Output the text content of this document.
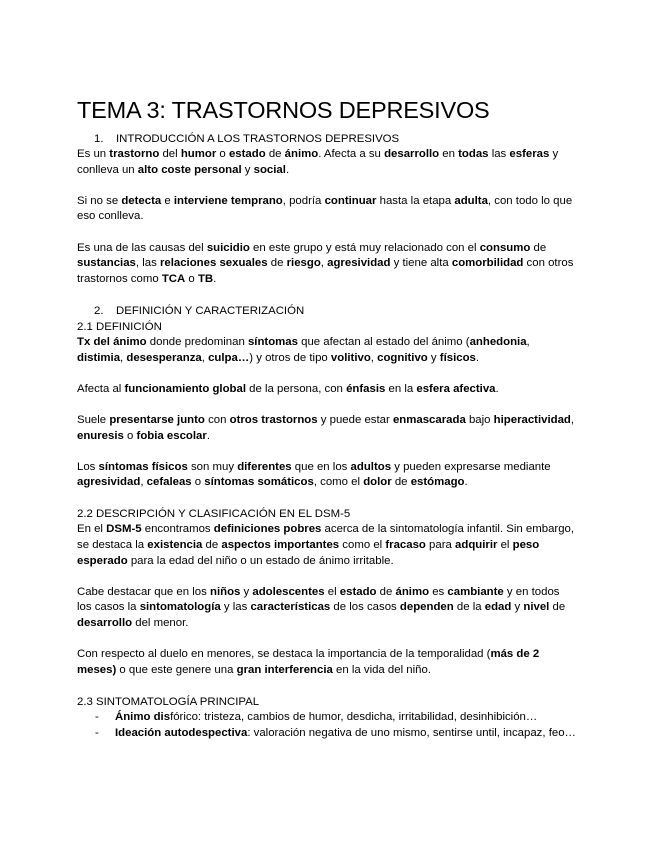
TEMA 3: TRASTORNOS DEPRESIVOS
1. INTRODUCCIÓN A LOS TRASTORNOS DEPRESIVOS

Es un trastorno del humor o estado de ánimo. Afecta a su desarrollo en todas las esferas y conlleva un alto coste personal y social.

Si no se detecta e interviene temprano, podría continuar hasta la etapa adulta, con todo lo que eso conlleva.

Es una de las causas del suicidio en este grupo y está muy relacionado con el consumo de sustancias, las relaciones sexuales de riesgo, agresividad y tiene alta comorbilidad con otros trastornos como TCA o TB.

2. DEFINICIÓN Y CARACTERIZACIÓN
2.1 DEFINICIÓN

Tx del ánimo donde predominan síntomas que afectan al estado del ánimo (anhedonia, distimia, desesperanza, culpa…) y otros de tipo volitivo, cognitivo y físicos.

Afecta al funcionamiento global de la persona, con énfasis en la esfera afectiva.

Suele presentarse junto con otros trastornos y puede estar enmascarada bajo hiperactividad, enuresis o fobia escolar.

Los síntomas físicos son muy diferentes que en los adultos y pueden expresarse mediante agresividad, cefaleas o síntomas somáticos, como el dolor de estómago.

2.2 DESCRIPCIÓN Y CLASIFICACIÓN EN EL DSM-5

En el DSM-5 encontramos definiciones pobres acerca de la sintomatología infantil. Sin embargo, se destaca la existencia de aspectos importantes como el fracaso para adquirir el peso esperado para la edad del niño o un estado de ánimo irritable.

Cabe destacar que en los niños y adolescentes el estado de ánimo es cambiante y en todos los casos la sintomatología y las características de los casos dependen de la edad y nivel de desarrollo del menor.

Con respecto al duelo en menores, se destaca la importancia de la temporalidad (más de 2 meses) o que este genere una gran interferencia en la vida del niño.

2.3 SINTOMATOLOGÍA PRINCIPAL
- Ánimo disfórico: tristeza, cambios de humor, desdicha, irritabilidad, desinhibición…
- Ideación autodespectiva: valoración negativa de uno mismo, sentirse until, incapaz, feo…
